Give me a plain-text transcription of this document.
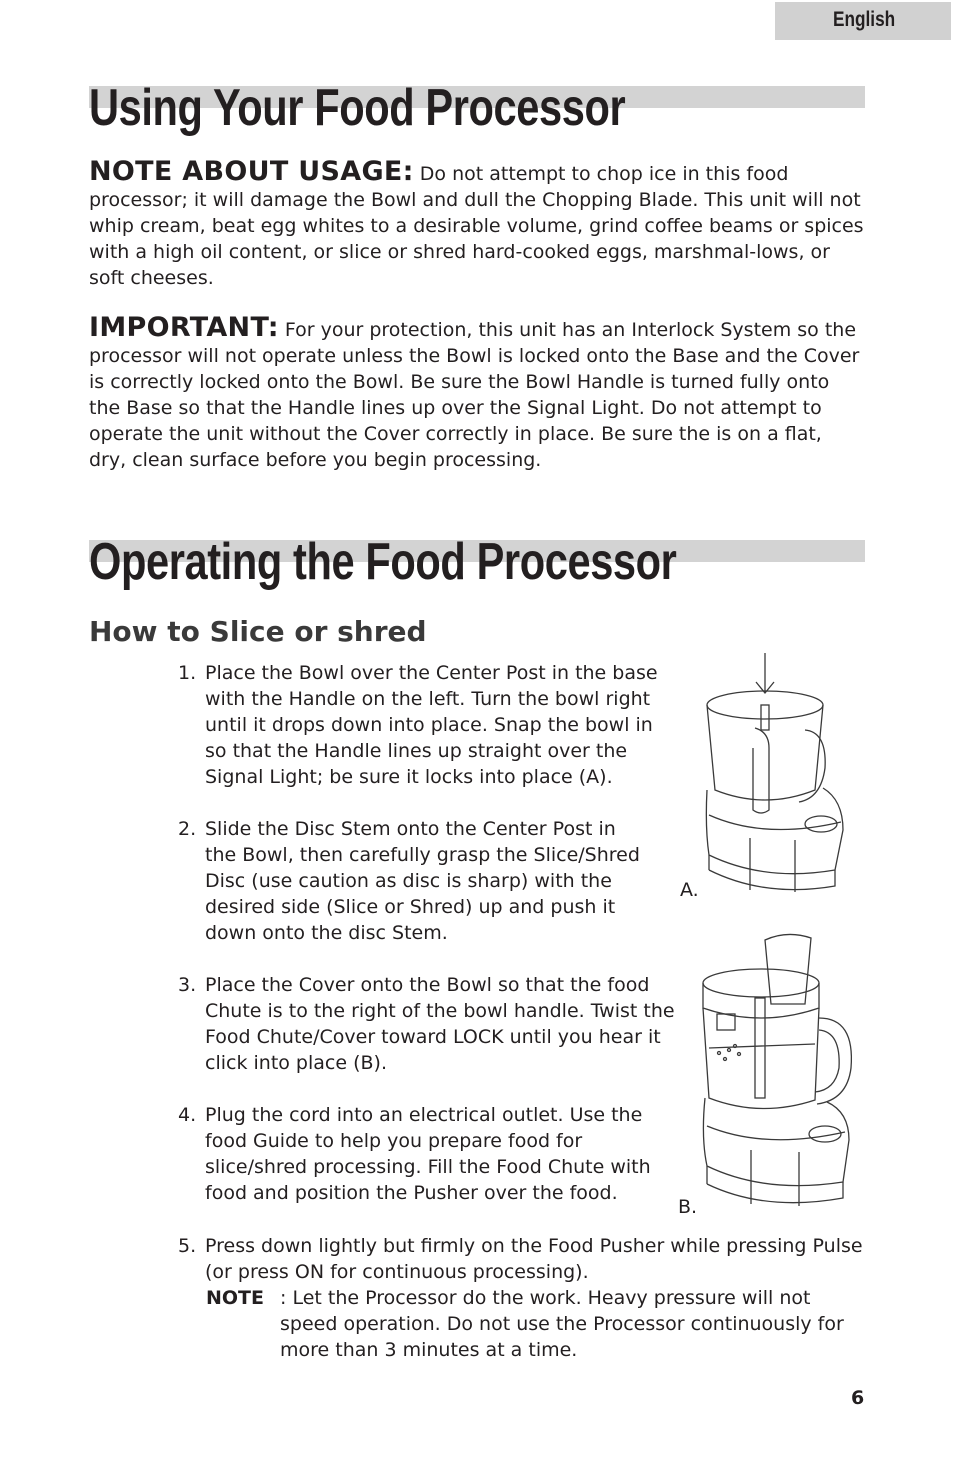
English
Using Your Food Processor

NOTE ABOUT USAGE: Do not attempt to chop ice in this food processor; it will damage the Bowl and dull the Chopping Blade. This unit will not whip cream, beat egg whites to a desirable volume, grind coffee beams or spices with a high oil content, or slice or shred hard-cooked eggs, marshmal-lows, or soft cheeses.

IMPORTANT: For your protection, this unit has an Interlock System so the processor will not operate unless the Bowl is locked onto the Base and the Cover is correctly locked onto the Bowl. Be sure the Bowl Handle is turned fully onto the Base so that the Handle lines up over the Signal Light. Do not attempt to operate the unit without the Cover correctly in place. Be sure the is on a flat, dry, clean surface before you begin processing.

Operating the Food Processor
How to Slice or shred

1. Place the Bowl over the Center Post in the base with the Handle on the left. Turn the bowl right until it drops down into place. Snap the bowl in so that the Handle lines up straight over the Signal Light; be sure it locks into place (A).

2. Slide the Disc Stem onto the Center Post in the Bowl, then carefully grasp the Slice/Shred Disc (use caution as disc is sharp) with the desired side (Slice or Shred) up and push it down onto the disc Stem.

3. Place the Cover onto the Bowl so that the food Chute is to the right of the bowl handle. Twist the Food Chute/Cover toward LOCK until you hear it click into place (B).

4. Plug the cord into an electrical outlet. Use the food Guide to help you prepare food for slice/shred processing. Fill the Food Chute with food and position the Pusher over the food.

5. Press down lightly but firmly on the Food Pusher while pressing Pulse (or press ON for continuous processing).

NOTE : Let the Processor do the work. Heavy pressure will not speed operation. Do not use the Processor continuously for more than 3 minutes at a time.
A.
B.
6
